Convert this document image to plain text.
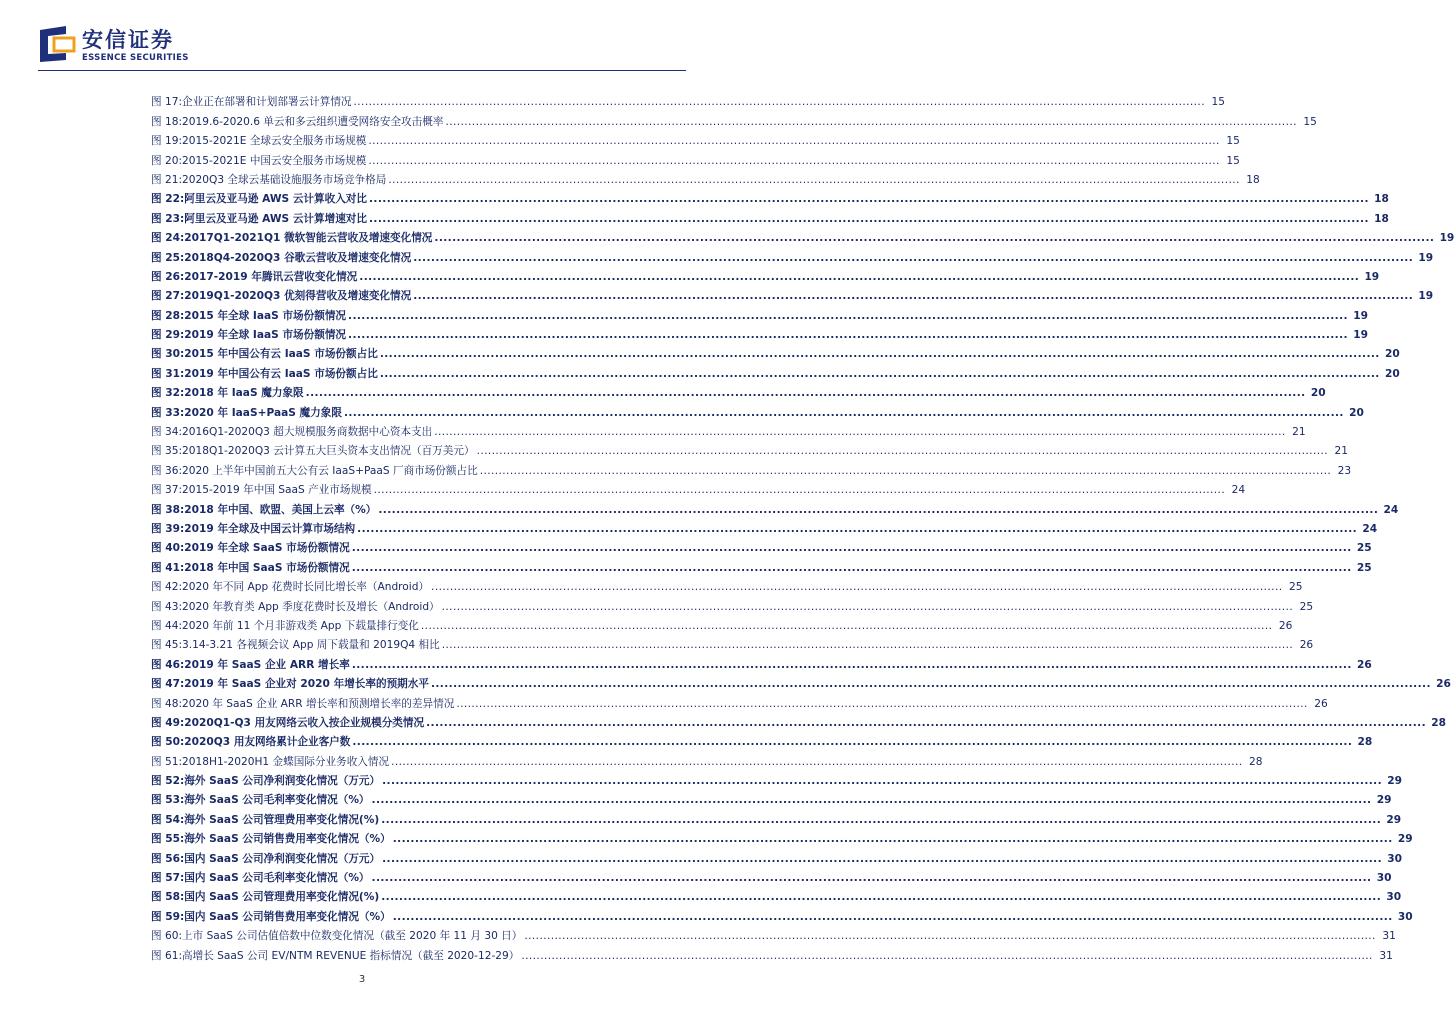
安信证券
ESSENCE SECURITIES
图 17: 企业正在部署和计划部署云计算情况 .....	15
图 18: 2019.6-2020.6 单云和多云组织遭受网络安全攻击概率 .....	15
图 19: 2015-2021E 全球云安全服务市场规模 .....	15
图 20: 2015-2021E 中国云安全服务市场规模 .....	15
图 21: 2020Q3 全球云基础设施服务市场竞争格局 .....	18
图 22: 阿里云及亚马逊 AWS 云计算收入对比 .....	18
图 23: 阿里云及亚马逊 AWS 云计算增速对比 .....	18
图 24: 2017Q1-2021Q1 微软智能云营收及增速变化情况 .....	19
图 25: 2018Q4-2020Q3 谷歌云营收及增速变化情况 .....	19
图 26: 2017-2019 年腾讯云营收变化情况 .....	19
图 27: 2019Q1-2020Q3 优刻得营收及增速变化情况 .....	19
图 28: 2015 年全球 IaaS 市场份额情况 .....	19
图 29: 2019 年全球 IaaS 市场份额情况 .....	19
图 30: 2015 年中国公有云 IaaS 市场份额占比 .....	20
图 31: 2019 年中国公有云 IaaS 市场份额占比 .....	20
图 32: 2018 年 IaaS 魔力象限 .....	20
图 33: 2020 年 IaaS+PaaS 魔力象限 .....	20
图 34: 2016Q1-2020Q3 超大规模服务商数据中心资本支出 .....	21
图 35: 2018Q1-2020Q3 云计算五大巨头资本支出情况（百万美元） .....	21
图 36: 2020 上半年中国前五大公有云 IaaS+PaaS 厂商市场份额占比 .....	23
图 37: 2015-2019 年中国 SaaS 产业市场规模 .....	24
图 38: 2018 年中国、欧盟、美国上云率（%） .....	24
图 39: 2019 年全球及中国云计算市场结构 .....	24
图 40: 2019 年全球 SaaS 市场份额情况 .....	25
图 41: 2018 年中国 SaaS 市场份额情况 .....	25
图 42: 2020 年不同 App 花费时长同比增长率（Android） .....	25
图 43: 2020 年教育类 App 季度花费时长及增长（Android） .....	25
图 44: 2020 年前 11 个月非游戏类 App 下载量排行变化 .....	26
图 45: 3.14-3.21 各视频会议 App 周下载量和 2019Q4 相比 .....	26
图 46: 2019 年 SaaS 企业 ARR 增长率 .....	26
图 47: 2019 年 SaaS 企业对 2020 年增长率的预期水平 .....	26
图 48: 2020 年 SaaS 企业 ARR 增长率和预测增长率的差异情况 .....	26
图 49: 2020Q1-Q3 用友网络云收入按企业规模分类情况 .....	28
图 50: 2020Q3 用友网络累计企业客户数 .....	28
图 51: 2018H1-2020H1 金蝶国际分业务收入情况 .....	28
图 52: 海外 SaaS 公司净利润变化情况（万元） .....	29
图 53: 海外 SaaS 公司毛利率变化情况（%） .....	29
图 54: 海外 SaaS 公司管理费用率变化情况(%) .....	29
图 55: 海外 SaaS 公司销售费用率变化情况（%） .....	29
图 56: 国内 SaaS 公司净利润变化情况（万元） .....	30
图 57: 国内 SaaS 公司毛利率变化情况（%） .....	30
图 58: 国内 SaaS 公司管理费用率变化情况(%) .....	30
图 59: 国内 SaaS 公司销售费用率变化情况（%） .....	30
图 60: 上市 SaaS 公司估值倍数中位数变化情况（截至 2020 年 11 月 30 日） .....	31
图 61: 高增长 SaaS 公司 EV/NTM REVENUE 指标情况（截至 2020-12-29） .....	31
3
